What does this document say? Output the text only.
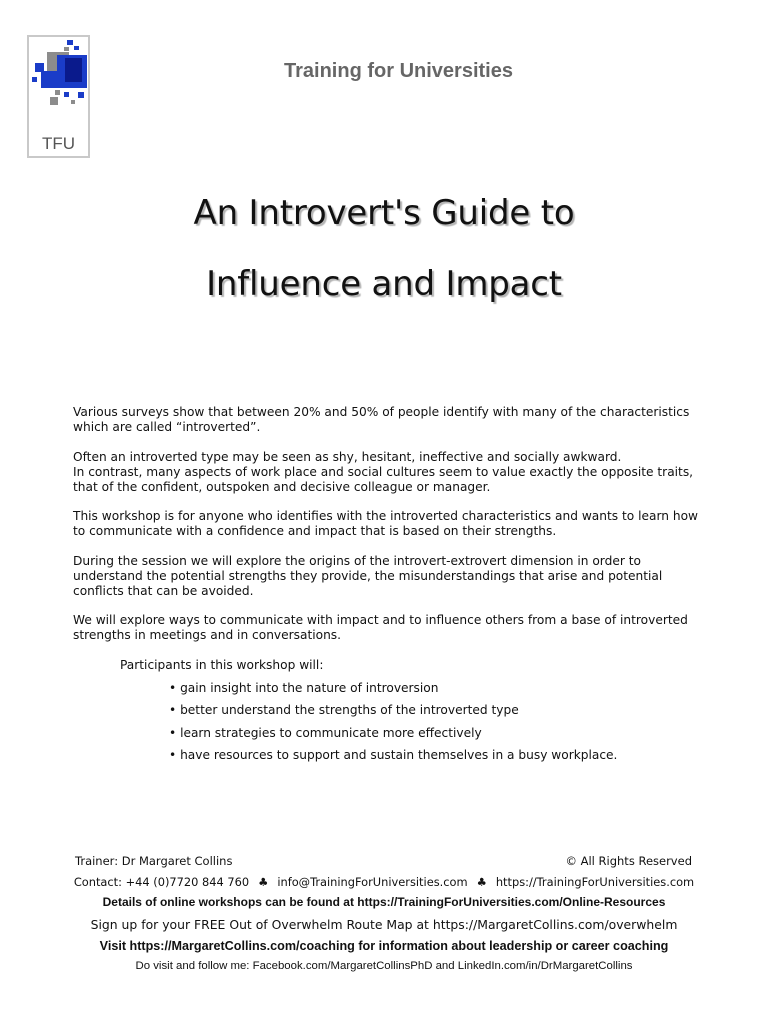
TFU
Training for Universities
An Introvert's Guide to
Influence and Impact

Various surveys show that between 20% and 50% of people identify with many of the characteristics which are called “introverted”.

Often an introverted type may be seen as shy, hesitant, ineffective and socially awkward.
In contrast, many aspects of work place and social cultures seem to value exactly the opposite traits, that of the confident, outspoken and decisive colleague or manager.

This workshop is for anyone who identifies with the introverted characteristics and wants to learn how to communicate with a confidence and impact that is based on their strengths.

During the session we will explore the origins of the introvert-extrovert dimension in order to understand the potential strengths they provide, the misunderstandings that arise and potential conflicts that can be avoided.

We will explore ways to communicate with impact and to influence others from a base of introverted strengths in meetings and in conversations.

Participants in this workshop will:

• gain insight into the nature of introversion
• better understand the strengths of the introverted type
• learn strategies to communicate more effectively
• have resources to support and sustain themselves in a busy workplace.
Trainer: Dr Margaret Collins	© All Rights Reserved
Contact: +44 (0)7720 844 760 ♣ info@TrainingForUniversities.com ♣ https://TrainingForUniversities.com
Details of online workshops can be found at https://TrainingForUniversities.com/Online-Resources
Sign up for your FREE Out of Overwhelm Route Map at https://MargaretCollins.com/overwhelm
Visit https://MargaretCollins.com/coaching for information about leadership or career coaching
Do visit and follow me: Facebook.com/MargaretCollinsPhD and LinkedIn.com/in/DrMargaretCollins
